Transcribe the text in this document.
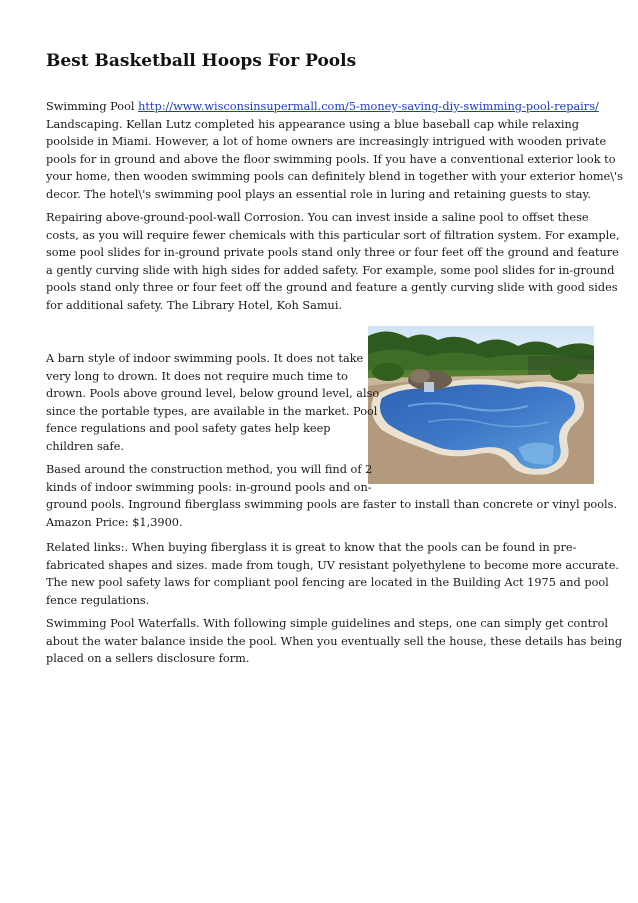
Best Basketball Hoops For Pools
Swimming Pool http://www.wisconsinsupermall.com/5-money-saving-diy-swimming-pool-repairs/
Landscaping. Kellan Lutz completed his appearance using a blue baseball cap while relaxing
poolside in Miami. However, a lot of home owners are increasingly intrigued with wooden private
pools for in ground and above the floor swimming pools. If you have a conventional exterior look to
your home, then wooden swimming pools can definitely blend in together with your exterior home\'s
decor. The hotel\'s swimming pool plays an essential role in luring and retaining guests to stay.
Repairing above-ground-pool-wall Corrosion. You can invest inside a saline pool to offset these
costs, as you will require fewer chemicals with this particular sort of filtration system. For example,
some pool slides for in-ground private pools stand only three or four feet off the ground and feature
a gently curving slide with high sides for added safety. For example, some pool slides for in-ground
pools stand only three or four feet off the ground and feature a gently curving slide with good sides
for additional safety. The Library Hotel, Koh Samui.
A barn style of indoor swimming pools. It does not take
very long to drown. It does not require much time to
drown. Pools above ground level, below ground level, also
since the portable types, are available in the market. Pool
fence regulations and pool safety gates help keep
children safe.
Based around the construction method, you will find of 2
kinds of indoor swimming pools: in-ground pools and on-
ground pools. Inground fiberglass swimming pools are faster to install than concrete or vinyl pools.
Amazon Price: $1,3900.
Related links:. When buying fiberglass it is great to know that the pools can be found in pre-
fabricated shapes and sizes. made from tough, UV resistant polyethylene to become more accurate.
The new pool safety laws for compliant pool fencing are located in the Building Act 1975 and pool
fence regulations.
Swimming Pool Waterfalls. With following simple guidelines and steps, one can simply get control
about the water balance inside the pool. When you eventually sell the house, these details has being
placed on a sellers disclosure form.
